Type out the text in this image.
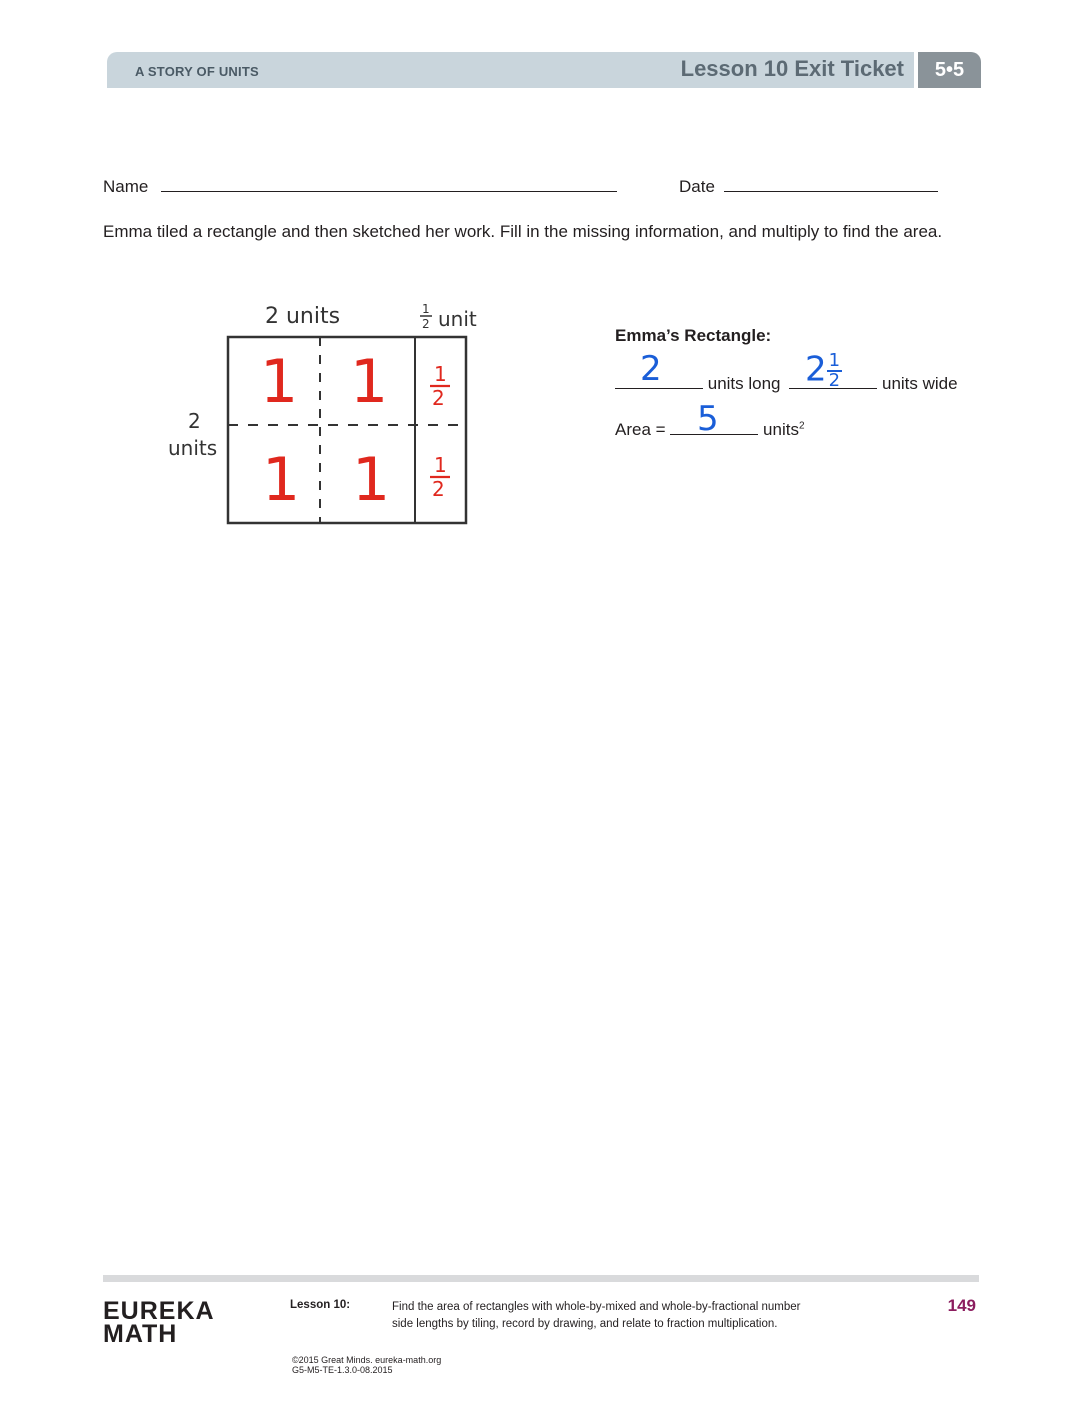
A STORY OF UNITS	Lesson 10 Exit Ticket	5•5
Name	Date
Emma tiled a rectangle and then sketched her work. Fill in the missing information, and multiply to find the area.
2 units	1
2 unit
2
units
1 1
1 1
1
2
1
2
Emma’s Rectangle:
units long	units wide
Area =	units$^2$
2	$2 \frac{1}{2}$
5
EUREKA
MATH
Lesson 10:	Find the area of rectangles with whole-by-mixed and whole-by-fractional number side lengths by tiling, record by drawing, and relate to fraction multiplication.
149
©2015 Great Minds. eureka-math.org
G5-M5-TE-1.3.0-08.2015
